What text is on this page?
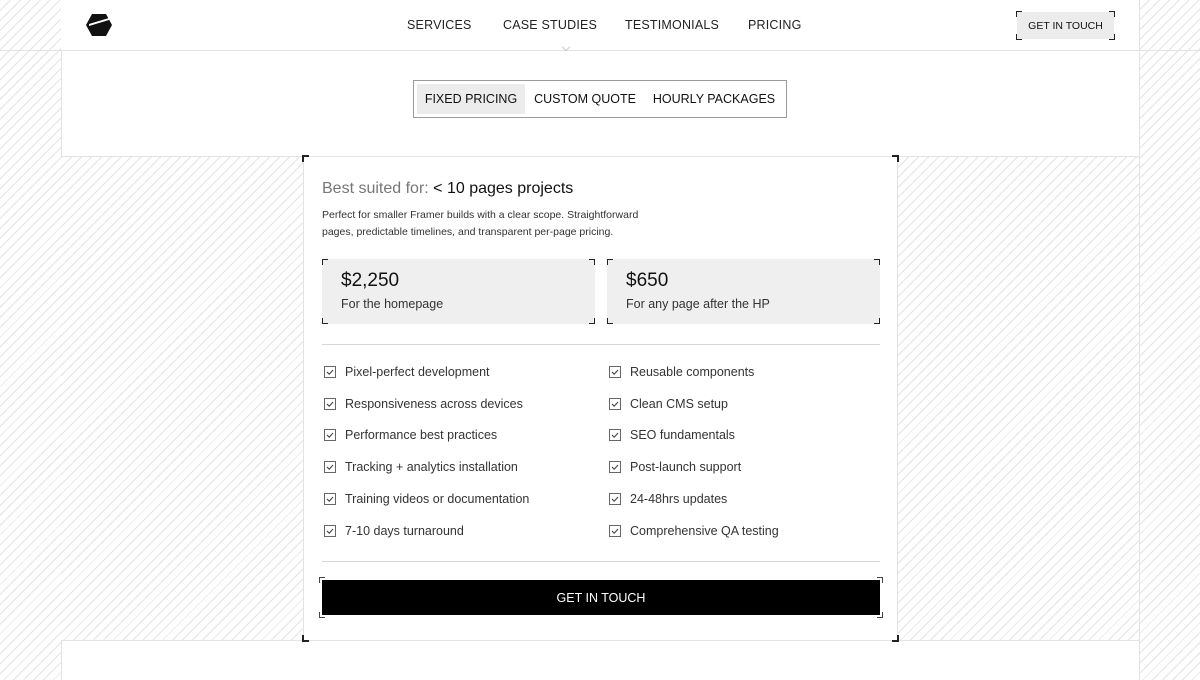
SERVICES	CASE STUDIES TESTIMONIALS PRICING	GET IN TOUCH
FIXED PRICING	CUSTOM QUOTE	HOURLY PACKAGES
Best suited for: < 10 pages projects

Perfect for smaller Framer builds with a clear scope. Straightforward pages, predictable timelines, and transparent per-page pricing.

$2,250
For the homepage
$650
For any page after the HP
Pixel-perfect development
Responsiveness across devices
Performance best practices
Tracking + analytics installation
Training videos or documentation
7-10 days turnaround
Reusable components
Clean CMS setup
SEO fundamentals
Post-launch support
24-48hrs updates
Comprehensive QA testing
GET IN TOUCH
